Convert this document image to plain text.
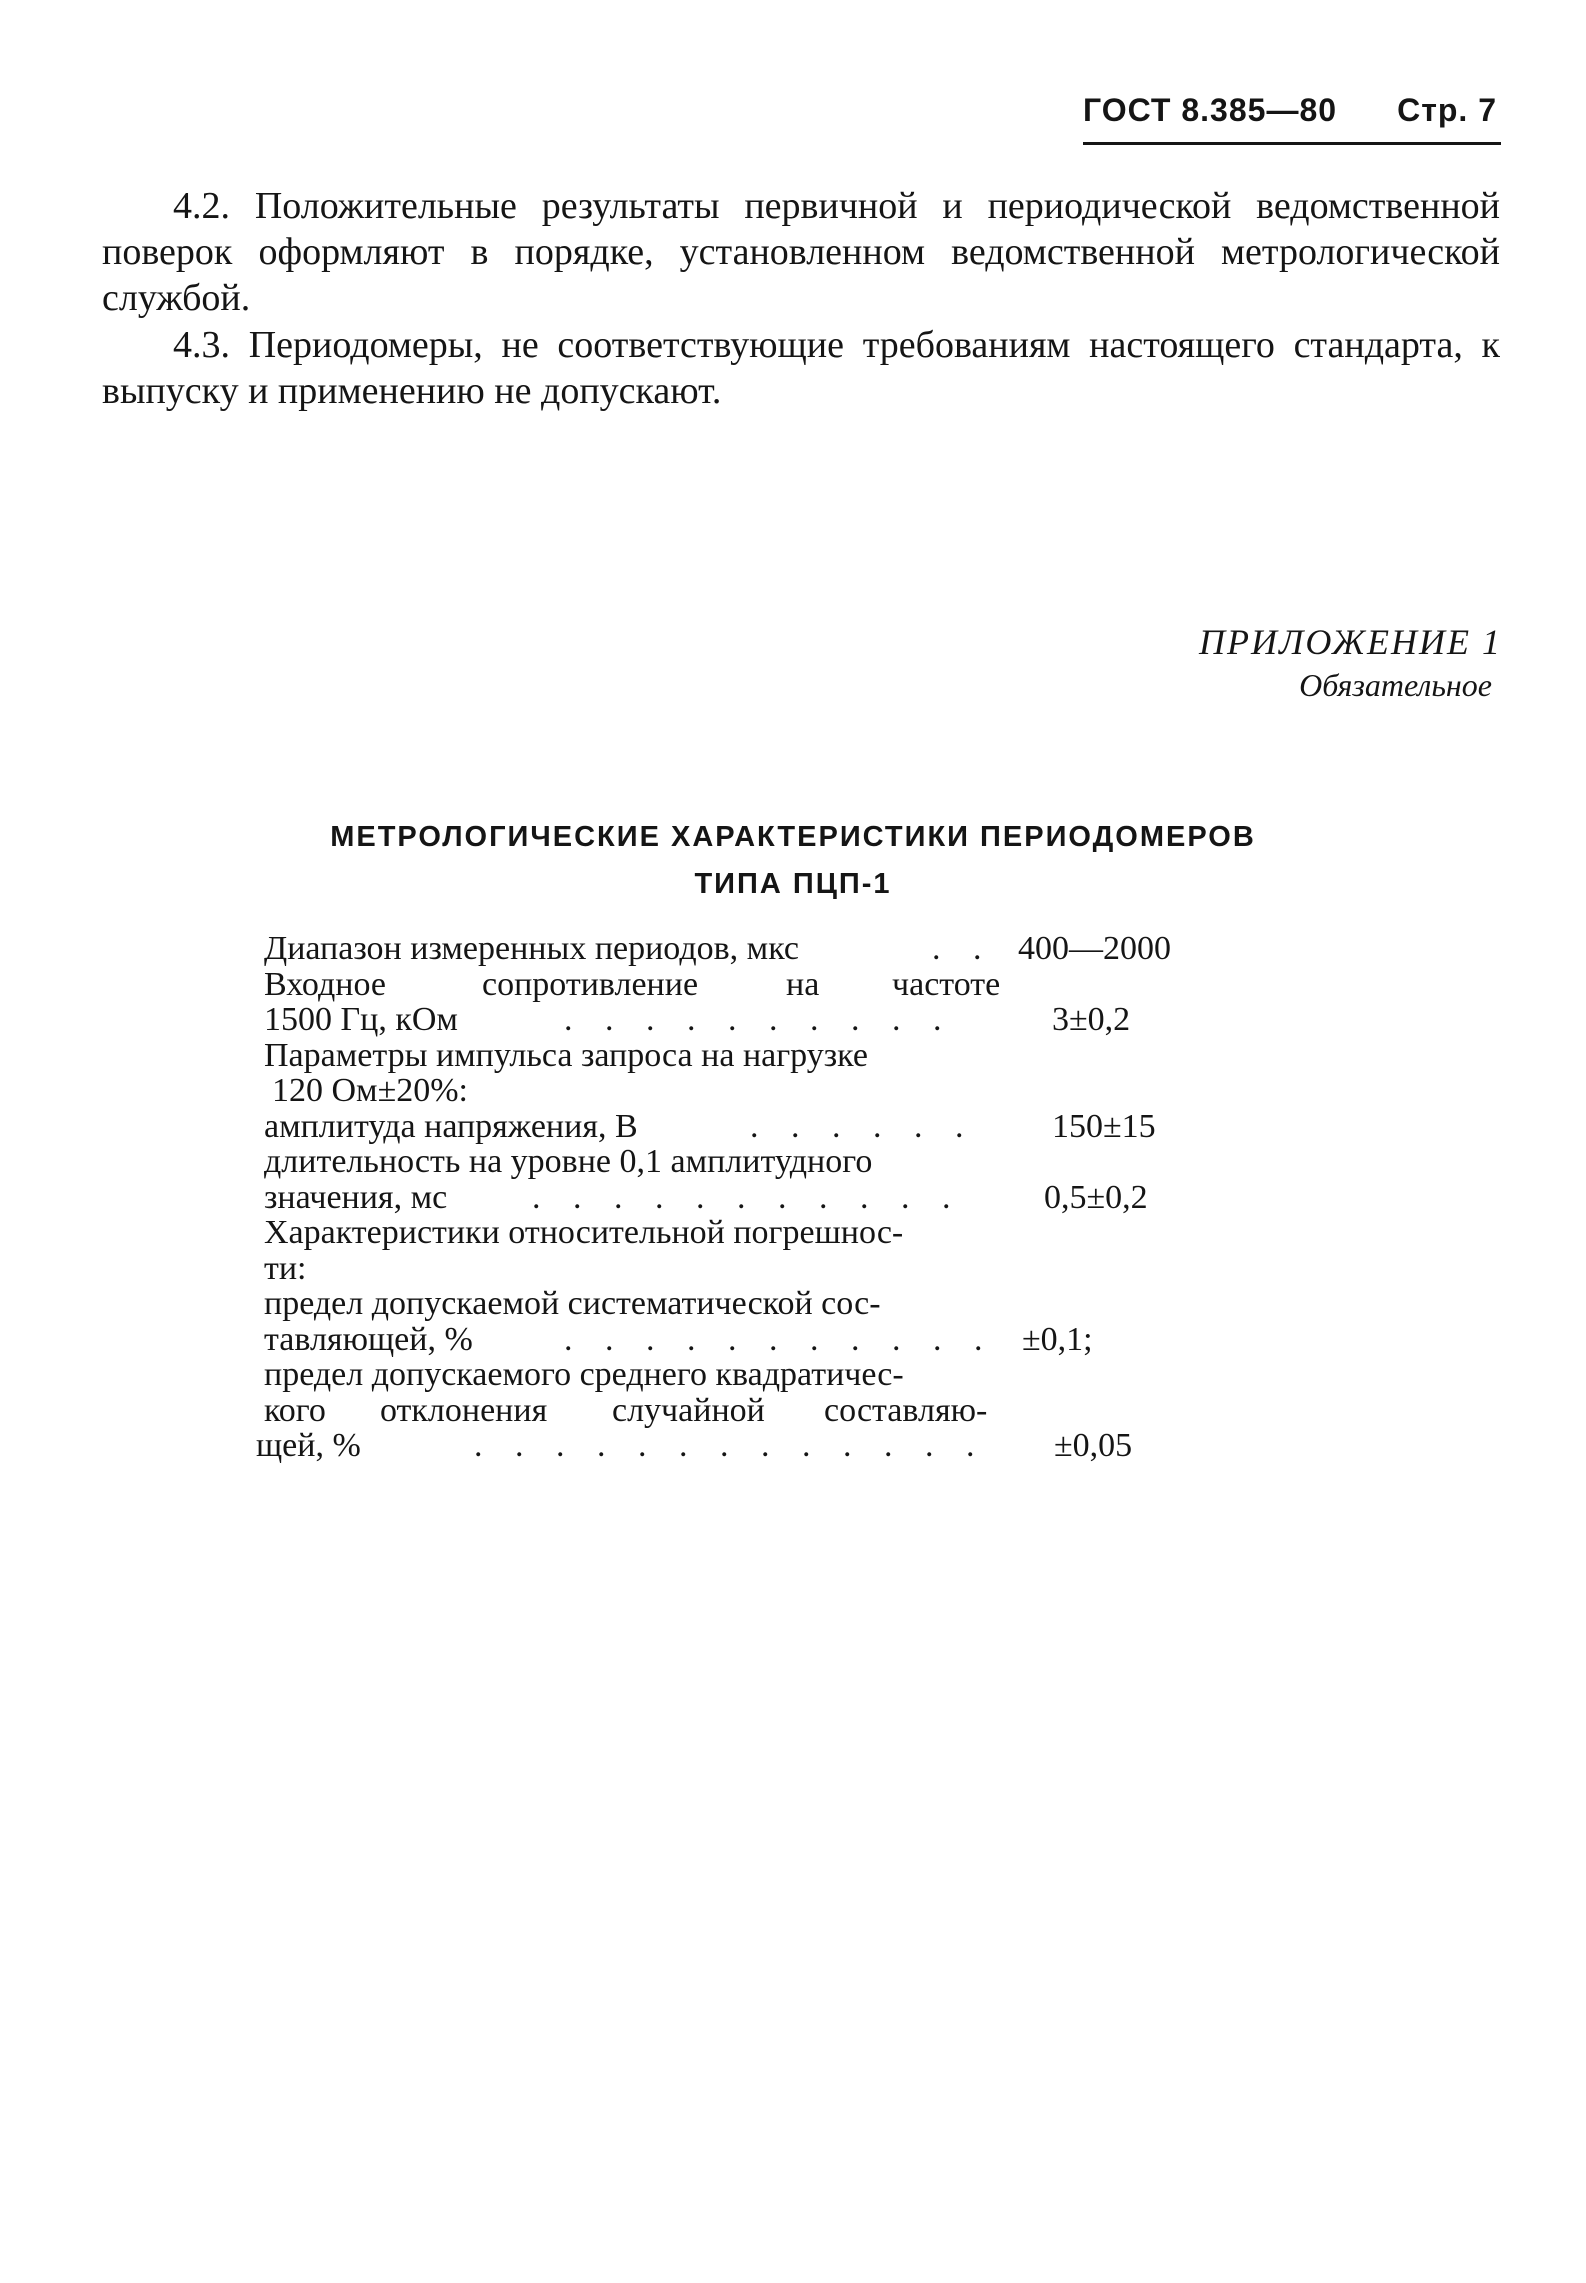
ГОСТ 8.385—80 Стр. 7
4.2. Положительные результаты первичной и периодической ведомственной поверок оформляют в порядке, установленном ведомственной метрологической службой.
4.3. Периодомеры, не соответствующие требованиям настоящего стандарта, к выпуску и применению не допускают.
ПРИЛОЖЕНИЕ 1
Обязательное
МЕТРОЛОГИЧЕСКИЕ ХАРАКТЕРИСТИКИ ПЕРИОДОМЕРОВ
ТИПА ПЦП-1
Диапазон измеренных периодов, мкс	. . 400—2000
Входное	сопротивление	на частоте
1500 Гц, кОм	. . . . . . . . . .	3±0,2
Параметры импульса запроса на нагрузке
120 Ом±20%:
амплитуда напряжения, В	. . . . . . 150±15
длительность на уровне 0,1 амплитудного
значения, мс . . . . . . . . . . . 0,5±0,2
Характеристики относительной погрешнос-
ти:
предел допускаемой систематической сос-
тавляющей, %	. . . . . . . . . . . ±0,1;
предел допускаемого среднего квадратичес-
кого отклонения случайной составляю-
щей, %	. . . . . . . . . . . . . ±0,05
